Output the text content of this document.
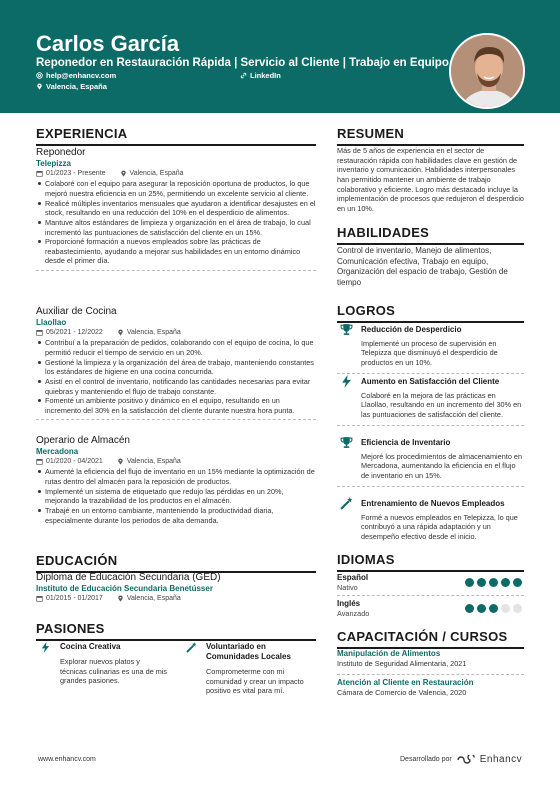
Carlos García
Reponedor en Restauración Rápida | Servicio al Cliente | Trabajo en Equipo
help@enhancv.com	LinkedIn
Valencia, España
EXPERIENCIA
Reponedor
Telepizza
01/2023 - Presente	Valencia, España
Colaboré con el equipo para asegurar la reposición oportuna de productos, lo que mejoró nuestra eficiencia en un 25%, permitiendo un excelente servicio al cliente.
Realicé múltiples inventarios mensuales que ayudaron a identificar desajustes en el stock, resultando en una reducción del 10% en el desperdicio de alimentos.
Mantuve altos estándares de limpieza y organización en el área de trabajo, lo cual incrementó las puntuaciones de satisfacción del cliente en un 15%.
Proporcioné formación a nuevos empleados sobre las prácticas de reabastecimiento, ayudando a mejorar sus habilidades en un entorno dinámico desde el primer día.
Auxiliar de Cocina
Llaollao
05/2021 - 12/2022	Valencia, España
Contribuí a la preparación de pedidos, colaborando con el equipo de cocina, lo que permitió reducir el tiempo de servicio en un 20%.
Gestioné la limpieza y la organización del área de trabajo, manteniendo constantes los estándares de higiene en una cocina concurrida.
Asistí en el control de inventario, notificando las cantidades necesarias para evitar quiebras y manteniendo el flujo de trabajo constante.
Fomenté un ambiente positivo y dinámico en el equipo, resultando en un incremento del 30% en la satisfacción del cliente durante nuestra hora punta.
Operario de Almacén
Mercadona
01/2020 - 04/2021	Valencia, España
Aumenté la eficiencia del flujo de inventario en un 15% mediante la optimización de rutas dentro del almacén para la reposición de productos.
Implementé un sistema de etiquetado que redujo las pérdidas en un 20%, mejorando la trazabilidad de los productos en el almacén.
Trabajé en un entorno cambiante, manteniendo la productividad diaria, especialmente durante los periodos de alta demanda.
EDUCACIÓN
Diploma de Educación Secundaria (GED)
Instituto de Educación Secundaria Benetússer
01/2015 - 01/2017	Valencia, España
PASIONES
Cocina Creativa
Explorar nuevos platos y técnicas culinarias es una de mis grandes pasiones.
Voluntariado en Comunidades Locales
Comprometerme con mi comunidad y crear un impacto positivo es vital para mí.
RESUMEN
Más de 5 años de experiencia en el sector de restauración rápida con habilidades clave en gestión de inventario y comunicación. Habilidades interpersonales han permitido mantener un ambiente de trabajo colaborativo y eficiente. Logro más destacado incluye la implementación de procesos que redujeron el desperdicio en un 10%.
HABILIDADES
Control de inventario, Manejo de alimentos, Comunicación efectiva, Trabajo en equipo, Organización del espacio de trabajo, Gestión de tiempo
LOGROS
Reducción de Desperdicio
Implementé un proceso de supervisión en Telepizza que disminuyó el desperdicio de productos en un 10%.
Aumento en Satisfacción del Cliente
Colaboré en la mejora de las prácticas en Llaollao, resultando en un incremento del 30% en las puntuaciones de satisfacción del cliente.
Eficiencia de Inventario
Mejoré los procedimientos de almacenamiento en Mercadona, aumentando la eficiencia en el flujo de inventario en un 15%.
Entrenamiento de Nuevos Empleados
Formé a nuevos empleados en Telepizza, lo que contribuyó a una rápida adaptación y un desempeño efectivo desde el inicio.
IDIOMAS
Español
Nativo
Inglés
Avanzado
CAPACITACIÓN / CURSOS
Manipulación de Alimentos
Instituto de Seguridad Alimentaria, 2021
Atención al Cliente en Restauración
Cámara de Comercio de Valencia, 2020
www.enhancv.com	Desarrollado por	Enhancv
